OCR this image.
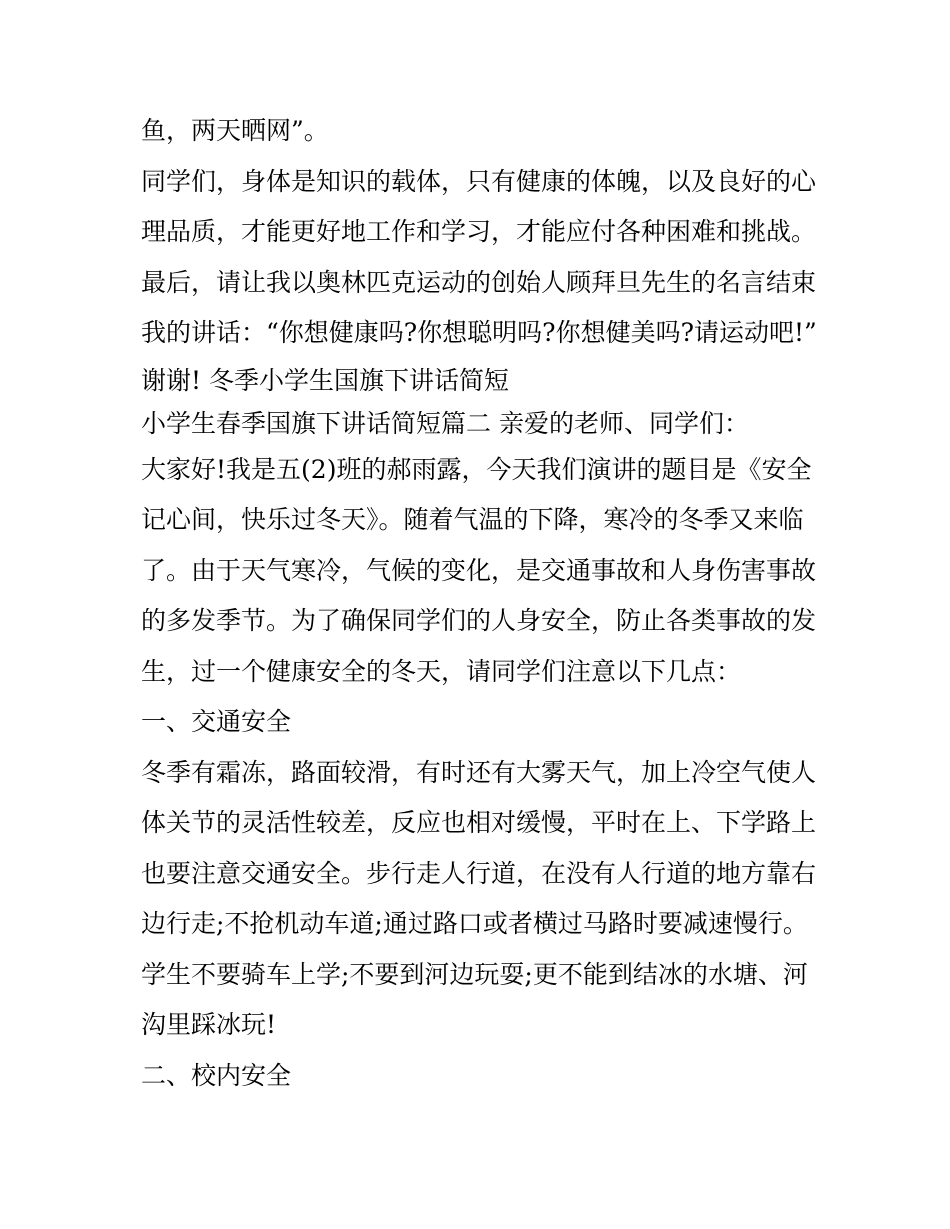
鱼，两天晒网”。
同学们，身体是知识的载体，只有健康的体魄，以及良好的心
理品质，才能更好地工作和学习，才能应付各种困难和挑战。
最后，请让我以奥林匹克运动的创始人顾拜旦先生的名言结束
我的讲话：“你想健康吗?你想聪明吗?你想健美吗?请运动吧!”
谢谢! 冬季小学生国旗下讲话简短
小学生春季国旗下讲话简短篇二 亲爱的老师、同学们：
大家好!我是五(2)班的郝雨露，今天我们演讲的题目是《安全
记心间，快乐过冬天》。随着气温的下降，寒冷的冬季又来临
了。由于天气寒冷，气候的变化，是交通事故和人身伤害事故
的多发季节。为了确保同学们的人身安全，防止各类事故的发
生，过一个健康安全的冬天，请同学们注意以下几点：
一、交通安全
冬季有霜冻，路面较滑，有时还有大雾天气，加上冷空气使人
体关节的灵活性较差，反应也相对缓慢，平时在上、下学路上
也要注意交通安全。步行走人行道，在没有人行道的地方靠右
边行走;不抢机动车道;通过路口或者横过马路时要减速慢行。
学生不要骑车上学;不要到河边玩耍;更不能到结冰的水塘、河
沟里踩冰玩!
二、校内安全
